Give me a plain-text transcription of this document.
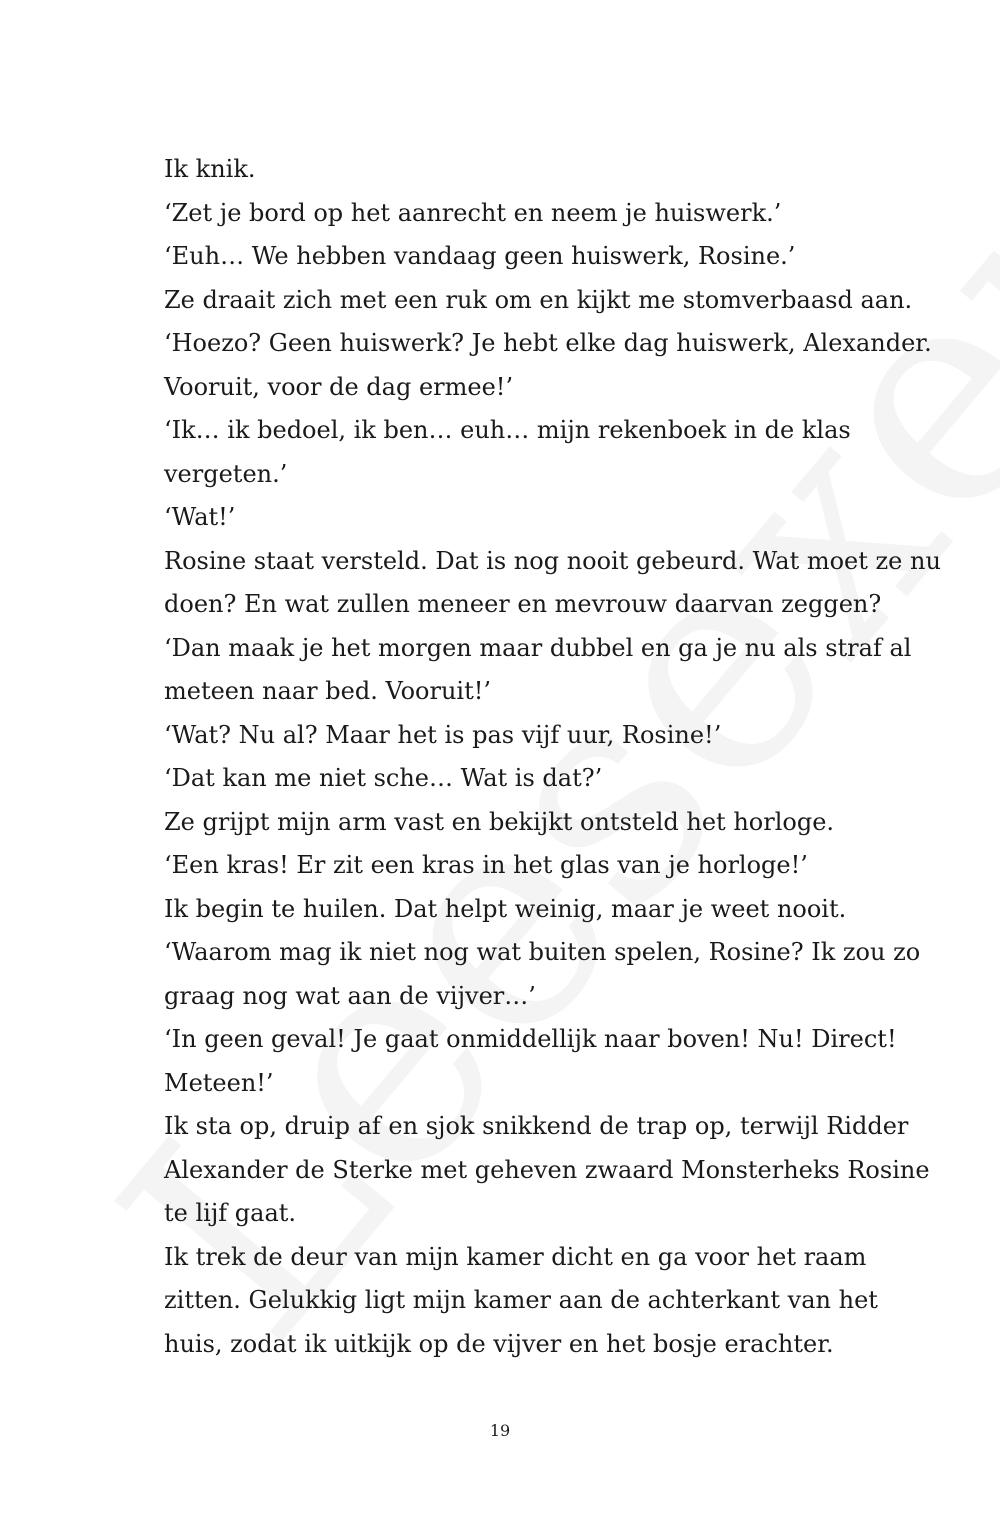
Ik knik.

‘Zet je bord op het aanrecht en neem je huiswerk.’

‘Euh… We hebben vandaag geen huiswerk, Rosine.’

Ze draait zich met een ruk om en kijkt me stomverbaasd aan.

‘Hoezo? Geen huiswerk? Je hebt elke dag huiswerk, Alexander.

Vooruit, voor de dag ermee!’

‘Ik… ik bedoel, ik ben… euh… mijn rekenboek in de klas

vergeten.’

‘Wat!’

Rosine staat versteld. Dat is nog nooit gebeurd. Wat moet ze nu

doen? En wat zullen meneer en mevrouw daarvan zeggen?

‘Dan maak je het morgen maar dubbel en ga je nu als straf al

meteen naar bed. Vooruit!’

‘Wat? Nu al? Maar het is pas vijf uur, Rosine!’

‘Dat kan me niet sche… Wat is dat?’

Ze grijpt mijn arm vast en bekijkt ontsteld het horloge.

‘Een kras! Er zit een kras in het glas van je horloge!’

Ik begin te huilen. Dat helpt weinig, maar je weet nooit.

‘Waarom mag ik niet nog wat buiten spelen, Rosine? Ik zou zo

graag nog wat aan de vijver…’

‘In geen geval! Je gaat onmiddellijk naar boven! Nu! Direct!

Meteen!’

Ik sta op, druip af en sjok snikkend de trap op, terwijl Ridder

Alexander de Sterke met geheven zwaard Monsterheks Rosine

te lijf gaat.

Ik trek de deur van mijn kamer dicht en ga voor het raam

zitten. Gelukkig ligt mijn kamer aan de achterkant van het

huis, zodat ik uitkijk op de vijver en het bosje erachter.

19
